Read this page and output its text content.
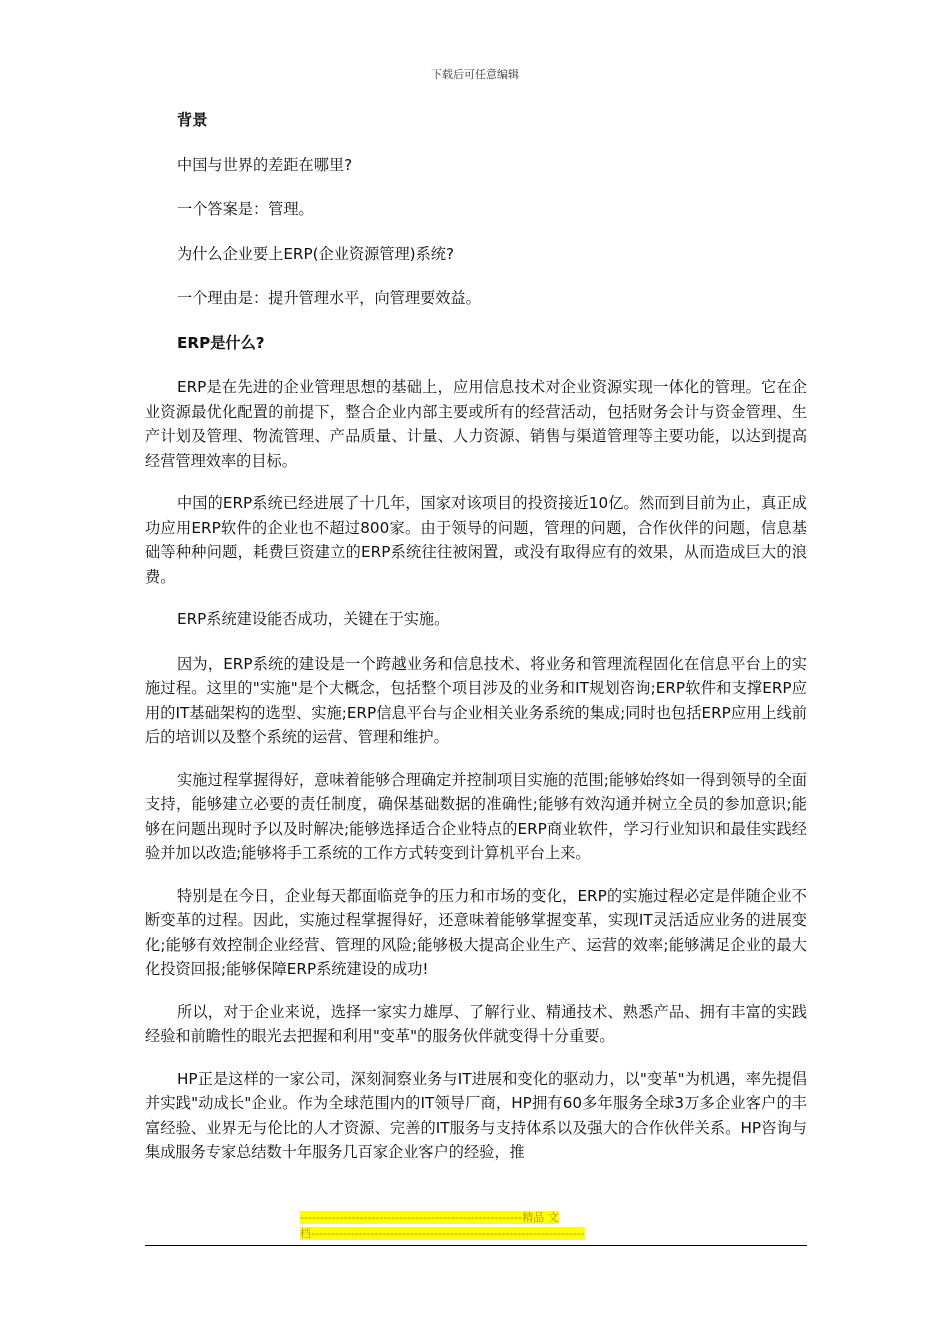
下载后可任意编辑

背景

中国与世界的差距在哪里?

一个答案是：管理。

为什么企业要上ERP(企业资源管理)系统?

一个理由是：提升管理水平，向管理要效益。

ERP是什么?

ERP是在先进的企业管理思想的基础上，应用信息技术对企业资源实现一体化的管理。它在企业资源最优化配置的前提下，整合企业内部主要或所有的经营活动，包括财务会计与资金管理、生产计划及管理、物流管理、产品质量、计量、人力资源、销售与渠道管理等主要功能，以达到提高经营管理效率的目标。

中国的ERP系统已经进展了十几年，国家对该项目的投资接近10亿。然而到目前为止，真正成功应用ERP软件的企业也不超过800家。由于领导的问题，管理的问题，合作伙伴的问题，信息基础等种种问题，耗费巨资建立的ERP系统往往被闲置，或没有取得应有的效果，从而造成巨大的浪费。

ERP系统建设能否成功，关键在于实施。

因为，ERP系统的建设是一个跨越业务和信息技术、将业务和管理流程固化在信息平台上的实施过程。这里的"实施"是个大概念，包括整个项目涉及的业务和IT规划咨询;ERP软件和支撑ERP应用的IT基础架构的选型、实施;ERP信息平台与企业相关业务系统的集成;同时也包括ERP应用上线前后的培训以及整个系统的运营、管理和维护。

实施过程掌握得好，意味着能够合理确定并控制项目实施的范围;能够始终如一得到领导的全面支持，能够建立必要的责任制度，确保基础数据的准确性;能够有效沟通并树立全员的参加意识;能够在问题出现时予以及时解决;能够选择适合企业特点的ERP商业软件，学习行业知识和最佳实践经验并加以改造;能够将手工系统的工作方式转变到计算机平台上来。

特别是在今日，企业每天都面临竞争的压力和市场的变化，ERP的实施过程必定是伴随企业不断变革的过程。因此，实施过程掌握得好，还意味着能够掌握变革，实现IT灵活适应业务的进展变化;能够有效控制企业经营、管理的风险;能够极大提高企业生产、运营的效率;能够满足企业的最大化投资回报;能够保障ERP系统建设的成功!

所以，对于企业来说，选择一家实力雄厚、了解行业、精通技术、熟悉产品、拥有丰富的实践经验和前瞻性的眼光去把握和利用"变革"的服务伙伴就变得十分重要。

HP正是这样的一家公司，深刻洞察业务与IT进展和变化的驱动力，以"变革"为机遇，率先提倡并实践"动成长"企业。作为全球范围内的IT领导厂商，HP拥有60多年服务全球3万多企业客户的丰富经验、业界无与伦比的人才资源、完善的IT服务与支持体系以及强大的合作伙伴关系。HP咨询与集成服务专家总结数十年服务几百家企业客户的经验，推

--------------------------------------------------------精品 文
档---------------------------------------------------------------------
